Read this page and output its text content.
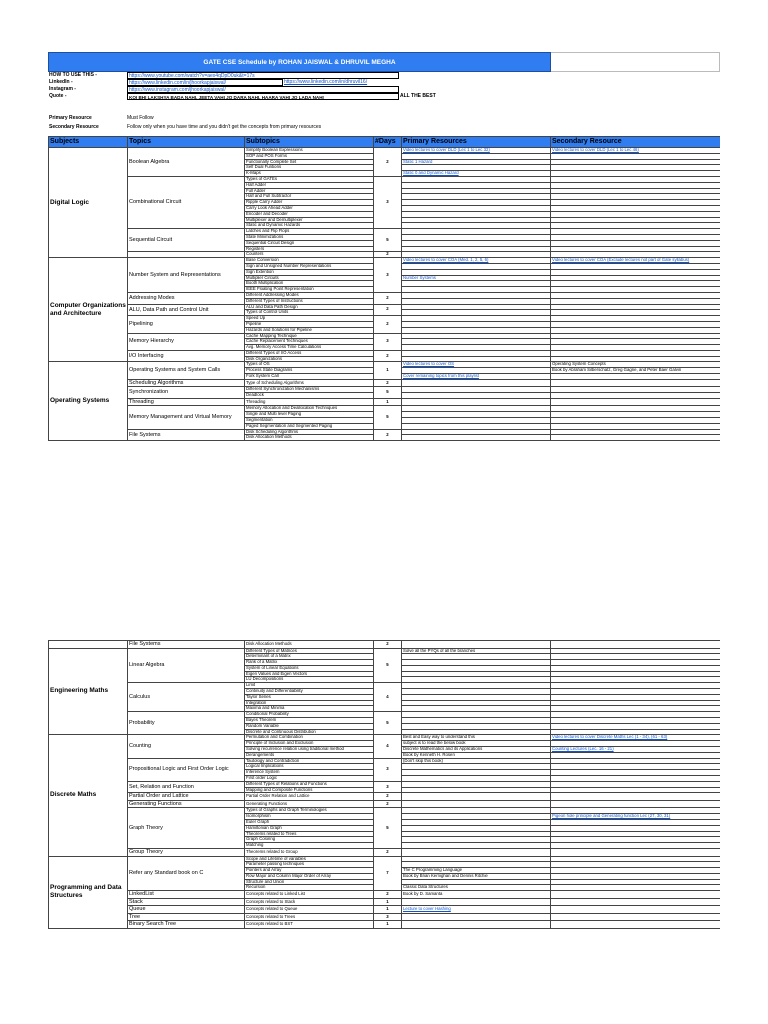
GATE CSE Schedule by ROHAN JAISWAL & DHRUVIL MEGHA
HOW TO USE THIS -	https://www.youtube.com/watch?v=aex4qDpD0uk&t=17s
LinkedIn -	https://www.linkedin.com/in/jhoorkapjaiswal/	https://www.linkedin.com/in/dhruvil16/
Instagram -	https://www.instagram.com/jhoorkapjaiswal/
Quote -	KOI BHI LAKSHYA BADA NAHI, JEETA VAHI JO DARA NAHI, HAARA VAHI JO LADA NAHI	ALL THE BEST
Primary Resource	Must Follow
Secondary Resource	Follow only when you have time and you didn't get the concepts from primary resources
Subjects	Topics	Subtopics	#Days	Primary Resources	Secondary Resource
Digital Logic	Boolean Algebra	Simplify Boolean Expressions	2	Video lectures to cover DLD (Lec 1 to Lec 32)	Video lectures to cover DLD (Lec 1 to Lec 46)
		SOP and POS Forms			
		Functionally Complete Set		Static 1 Hazard	
		Self Dual Funtions			
		K-Maps		Static 0 and Dynamic Hazard	
	Combinational Circuit	Types of GATEs	3		
		Half Adder			
		Full Adder			
		Half and Full Subtractor			
		Ripple Carry Adder			
		Carry Look Ahead Adder			
		Encoder and Decoder			
		Multiplexer and Demultiplexer			
		Static and Dynamic Hazards			
	Sequential Circuit	Latches and Flip Flops	5		
		State Minimizations			
		Sequential Circuit Design			
		Registers			
		Counters	2		
Computer Organizations and Architecture	Number System and Representations	Base Conversion	3	Video lectures to cover COA (Med. 1, 2, 5, 6)	Video lectures to cover COA (Exclude lectures not part of Gate syllabus)
		Sign and Unsigned Number Representations			
		Sign Extention			
		Multiplier Circuits		Number Systems	
		Booth Multiplication			
		IEEE Floating Point Representation			
	Addressing Modes	Different Addressing Modes	2		
		Different Types of Instructions			
	ALU, Data Path and Control Unit	ALU and Data Path Design	2		
		Types of Control Units			
	Pipelining	Speed Up	2		
		Pipeline			
		Hazards and Solutions for Pipeline			
	Memory Hierarchy	Cache Mapping Technique	3		
		Cache Replacement Techniques			
		Avg. Memory Access Time Calculations			
	I/O Interfacing	Different Types of I/O Access	2		
		Disk Organizations			
Operating Systems	Operating Systems and System Calls	Types of OS	1	Video lectures to cover OS	Operating System Concepts
		Process State Diagrams			Book by Abraham Silberschatz, Greg Gagne, and Peter Baer Galvin
		Fork System Call		Cover remaining topics from this playlist	
	Scheduling Algorithms	Type of Scheduling Algorithms	2		
	Synchronization	Different Synchronization Mechanisms	5		
		Deadlock			
	Threading	Threading	1		
	Memory Management and Virtual Memory	Memory Allocation and Deallocation Techniques	5		
		Single and Multi level Paging			
		Segmentation			
		Paged Segmentation and Segmented Paging			
	File Systems	Disk Scheduling Algorithms	2		
		Disk Allocation Methods			
	File Systems	Disk Allocation Methods	2		
Engineering Maths	Linear Algebra	Different Types of Matrices	5	Solve all the PYQs of all the branches	
		Determinant of a Matrix			
		Rank of a Matrix			
		System of Linear Equations			
		Eigen Values and Eigen Vectors			
		LU Decompositions			
	Calculus	Limit	4		
		Continuity and Differentiability			
		Taylor Series			
		Integration			
		Maxima and Minima			
	Probability	Conditional Probability	5		
		Bayes Theorem			
		Random Variable			
		Discrete and Continuous Distribution			
Discrete Maths	Counting	Permutation and Combination	4	Best and Easy way to understand this	Video lectures to cover Discrete Maths Lec (1 - 34), (61 - 63)
		Principle of Inclusion and Exclusion		subject is to read the below book	
		Solving recurrence relation using traditional method		Discrete Mathematics and its Applications	Counting Lectures (Lec. 16 - 21)
		Derangements		Book by Kenneth H. Rosen	
	Propositional Logic and First Order Logic	Tautology and Contradiction	3	(Don't skip this book)	
		Logical Implications			
		Inference System			
		First order Logic			
	Set, Relation and Function	Different Types of Relations and Functions	3		
		Mapping and Composite Functions			
	Partial Order and Lattice	Partial Order Relation and Lattice	2		
	Generating Functions	Generating Functions	2		
	Graph Theory	Types of Graphs and Graph Terminologies	5		
		Isomorphism			Pigeon hole principle and Generating function Lec (27, 30, 31)
		Euler Graph			
		Hamiltonian Graph			
		Theorems related to Trees			
		Graph Coloring			
		Matching			
	Group Theory	Theorems related to Group	2		
Programming and Data Structures	Refer any Standard book on C	Scope and Lifetime of variables	7		
		Parameter passing techniques			
		Pointers and Array		The C Programming Language	
		Row Major and Column Major Order of Array		Book by Brian Kernighan and Dennis Ritchie	
		Structure and Union			
		Recursion		Classic Data Structures	
	LinkedList	Concepts related to Linked List	2	Book by D. Samanta	
	Stack	Concepts related to Stack	1		
	Queue	Concepts related to Queue	1	Lecture to cover Hashing	
	Tree	Concepts related to Trees	3		
	Binary Search Tree	Concepts related to BST	1		
